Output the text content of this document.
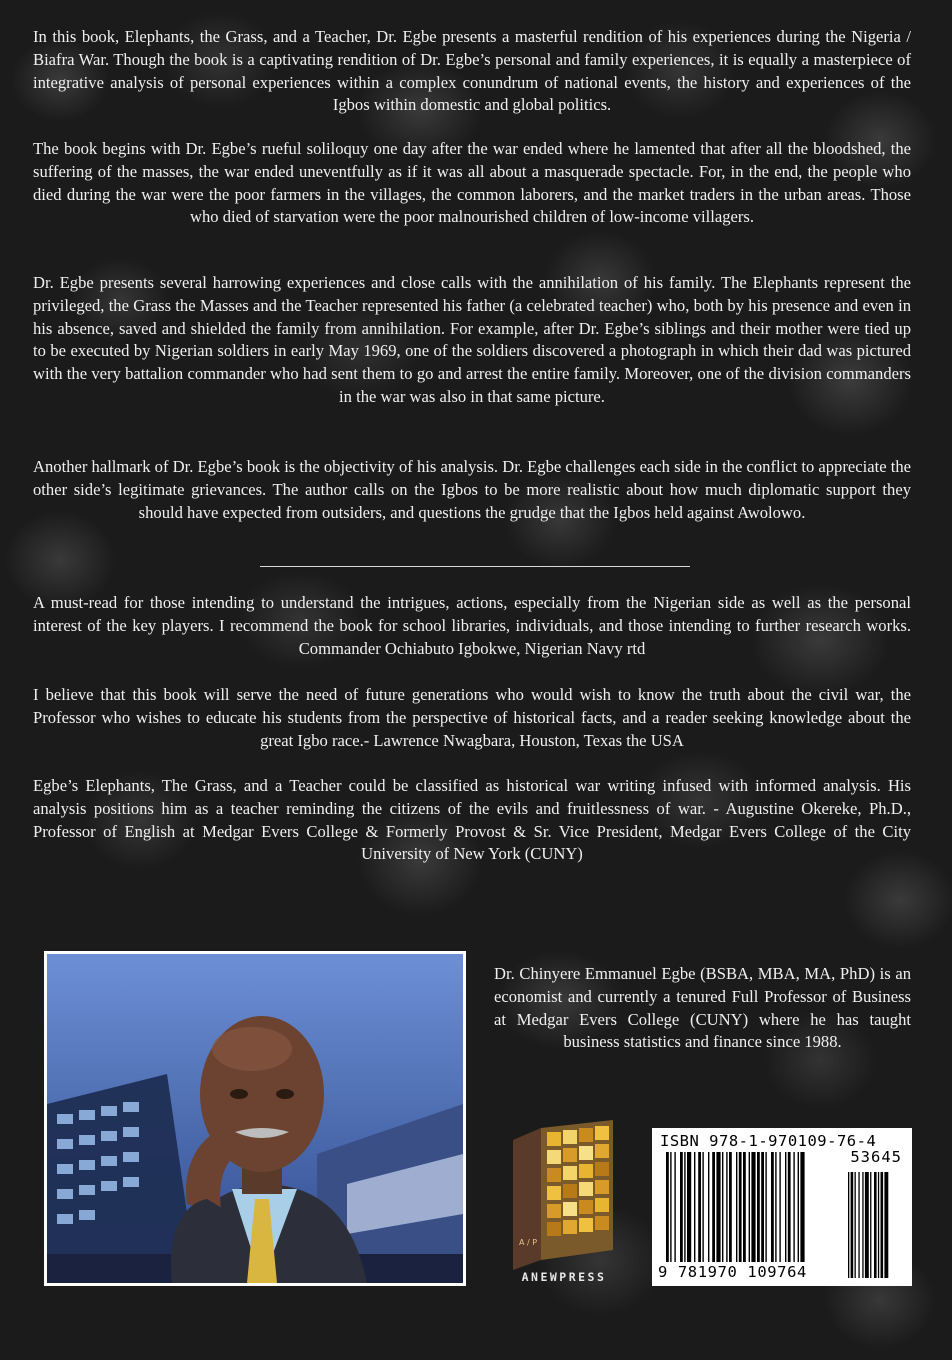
In this book, Elephants, the Grass, and a Teacher, Dr. Egbe presents a masterful rendition of his experiences during the Nigeria / Biafra War. Though the book is a captivating rendition of Dr. Egbe’s personal and family experiences, it is equally a masterpiece of integrative analysis of personal experiences within a complex conundrum of national events, the history and experiences of the Igbos within domestic and global politics.

The book begins with Dr. Egbe’s rueful soliloquy one day after the war ended where he lamented that after all the bloodshed, the suffering of the masses, the war ended uneventfully as if it was all about a masquerade spectacle. For, in the end, the people who died during the war were the poor farmers in the villages, the common laborers, and the market traders in the urban areas. Those who died of starvation were the poor malnourished children of low-income villagers.

Dr. Egbe presents several harrowing experiences and close calls with the annihilation of his family. The Elephants represent the privileged, the Grass the Masses and the Teacher represented his father (a celebrated teacher) who, both by his presence and even in his absence, saved and shielded the family from annihilation. For example, after Dr. Egbe’s siblings and their mother were tied up to be executed by Nigerian soldiers in early May 1969, one of the soldiers discovered a photograph in which their dad was pictured with the very battalion commander who had sent them to go and arrest the entire family. Moreover, one of the division commanders in the war was also in that same picture.

Another hallmark of Dr. Egbe’s book is the objectivity of his analysis. Dr. Egbe challenges each side in the conflict to appreciate the other side’s legitimate grievances. The author calls on the Igbos to be more realistic about how much diplomatic support they should have expected from outsiders, and questions the grudge that the Igbos held against Awolowo.

A must-read for those intending to understand the intrigues, actions, especially from the Nigerian side as well as the personal interest of the key players. I recommend the book for school libraries, individuals, and those intending to further research works. Commander Ochiabuto Igbokwe, Nigerian Navy rtd

I believe that this book will serve the need of future generations who would wish to know the truth about the civil war, the Professor who wishes to educate his students from the perspective of historical facts, and a reader seeking knowledge about the great Igbo race.- Lawrence Nwagbara, Houston, Texas the USA

Egbe’s Elephants, The Grass, and a Teacher could be classified as historical war writing infused with informed analysis. His analysis positions him as a teacher reminding the citizens of the evils and fruitlessness of war. - Augustine Okereke, Ph.D., Professor of English at Medgar Evers College & Formerly Provost & Sr. Vice President, Medgar Evers College of the City University of New York (CUNY)

Dr. Chinyere Emmanuel Egbe (BSBA, MBA, MA, PhD) is an economist and currently a tenured Full Professor of Business at Medgar Evers College (CUNY) where he has taught business statistics and finance since 1988.

A / P
ANEWPRESS
ISBN 978-1-970109-76-4
53645
9 781970 109764
